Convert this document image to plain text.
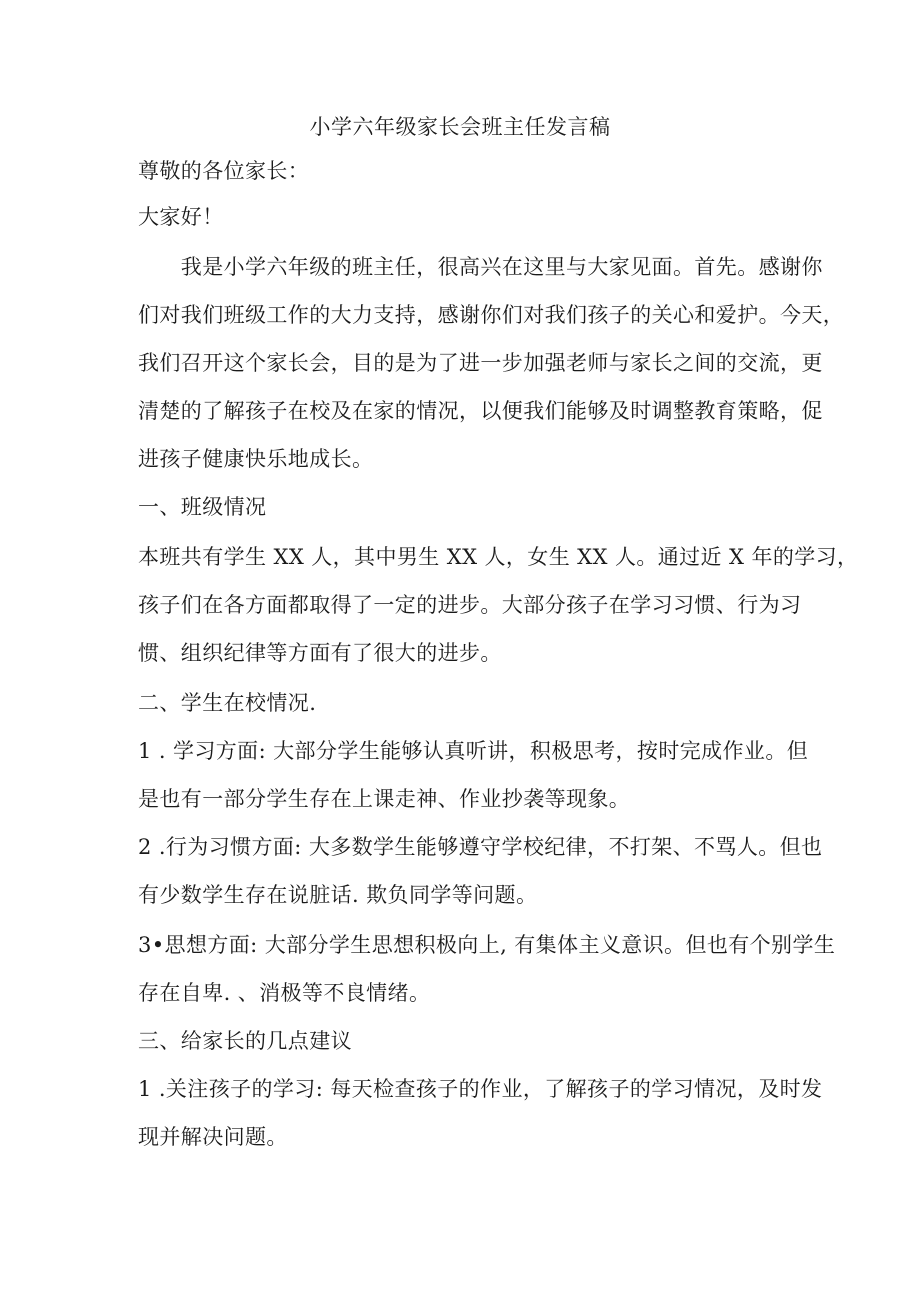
小学六年级家长会班主任发言稿
尊敬的各位家长：
大家好！
　　我是小学六年级的班主任，很高兴在这里与大家见面。首先。感谢你
们对我们班级工作的大力支持，感谢你们对我们孩子的关心和爱护。今天，
我们召开这个家长会，目的是为了进一步加强老师与家长之间的交流，更
清楚的了解孩子在校及在家的情况，以便我们能够及时调整教育策略，促
进孩子健康快乐地成长。
一、班级情况
本班共有学生 XX 人，其中男生 XX 人，女生 XX 人。通过近 X 年的学习，
孩子们在各方面都取得了一定的进步。大部分孩子在学习习惯、行为习
惯、组织纪律等方面有了很大的进步。
二、学生在校情况.
1 . 学习方面: 大部分学生能够认真听讲，积极思考，按时完成作业。但
是也有一部分学生存在上课走神、作业抄袭等现象。
2 .行为习惯方面: 大多数学生能够遵守学校纪律，不打架、不骂人。但也
有少数学生存在说脏话. 欺负同学等问题。
3•思想方面: 大部分学生思想积极向上, 有集体主义意识。但也有个别学生
存在自卑. 、消极等不良情绪。
三、给家长的几点建议
1 .关注孩子的学习: 每天检查孩子的作业，了解孩子的学习情况，及时发
现并解决问题。
